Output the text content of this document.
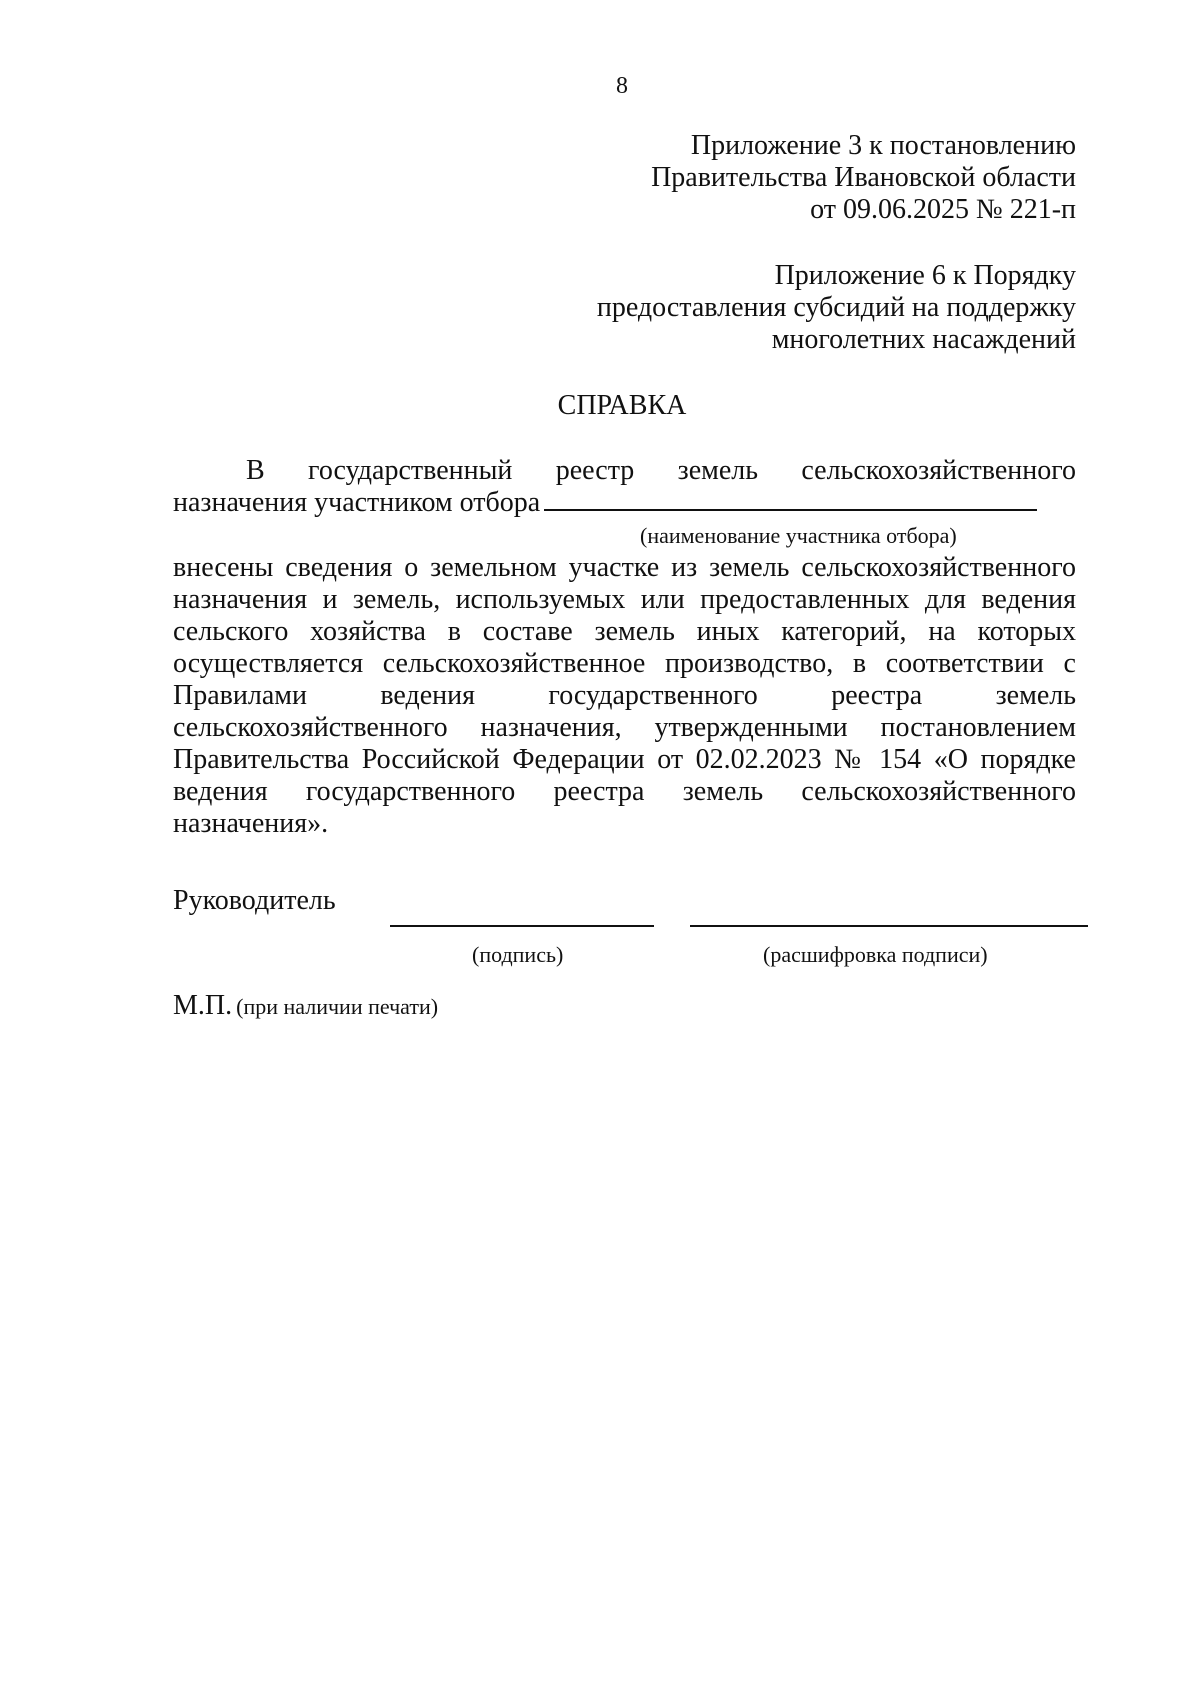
8
Приложение 3 к постановлению
Правительства Ивановской области
от 09.06.2025 № 221-п
Приложение 6 к Порядку
предоставления субсидий на поддержку
многолетних насаждений
СПРАВКА
В государственный реестр земель сельскохозяйственного
назначения участником отбора
(наименование участника отбора)
внесены сведения о земельном участке из земель сельскохозяйственного
назначения и земель, используемых или предоставленных для ведения
сельского хозяйства в составе земель иных категорий, на которых
осуществляется сельскохозяйственное производство, в соответствии с
Правилами ведения государственного реестра земель
сельскохозяйственного назначения, утвержденными постановлением
Правительства Российской Федерации от 02.02.2023 № 154 «О порядке
ведения государственного реестра земель сельскохозяйственного
назначения».
Руководитель
(подпись)	(расшифровка подписи)
М.П. (при наличии печати)
